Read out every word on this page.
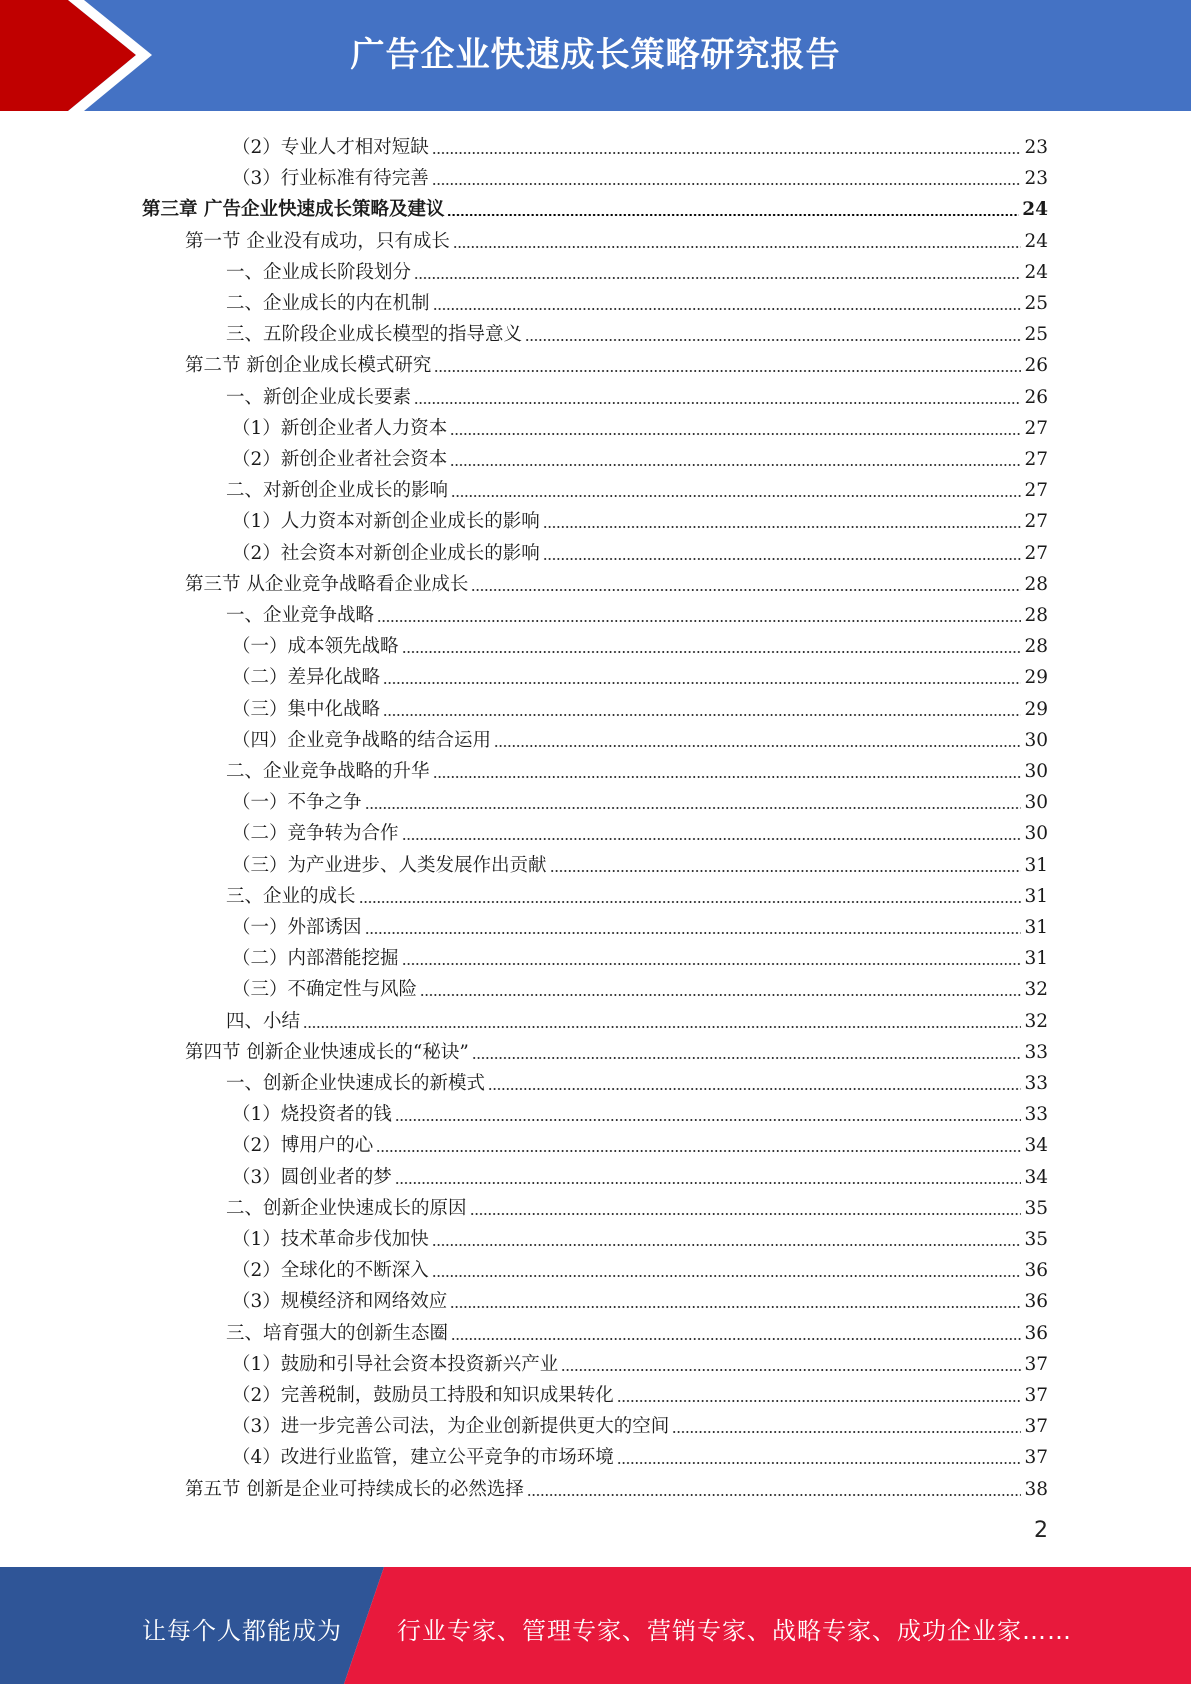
广告企业快速成长策略研究报告
（2）专业人才相对短缺	23
（3）行业标准有待完善	23
第三章 广告企业快速成长策略及建议	24
第一节 企业没有成功，只有成长	24
一、企业成长阶段划分	24
二、企业成长的内在机制	25
三、五阶段企业成长模型的指导意义	25
第二节 新创企业成长模式研究	26
一、新创企业成长要素	26
（1）新创企业者人力资本	27
（2）新创企业者社会资本	27
二、对新创企业成长的影响	27
（1）人力资本对新创企业成长的影响	27
（2）社会资本对新创企业成长的影响	27
第三节 从企业竞争战略看企业成长	28
一、企业竞争战略	28
（一）成本领先战略	28
（二）差异化战略	29
（三）集中化战略	29
（四）企业竞争战略的结合运用	30
二、企业竞争战略的升华	30
（一）不争之争	30
（二）竞争转为合作	30
（三）为产业进步、人类发展作出贡献	31
三、企业的成长	31
（一）外部诱因	31
（二）内部潜能挖掘	31
（三）不确定性与风险	32
四、小结	32
第四节 创新企业快速成长的“秘诀”	33
一、创新企业快速成长的新模式	33
（1）烧投资者的钱	33
（2）博用户的心	34
（3）圆创业者的梦	34
二、创新企业快速成长的原因	35
（1）技术革命步伐加快	35
（2）全球化的不断深入	36
（3）规模经济和网络效应	36
三、培育强大的创新生态圈	36
（1）鼓励和引导社会资本投资新兴产业	37
（2）完善税制，鼓励员工持股和知识成果转化	37
（3）进一步完善公司法，为企业创新提供更大的空间	37
（4）改进行业监管，建立公平竞争的市场环境	37
第五节 创新是企业可持续成长的必然选择	38
2
让每个人都能成为 行业专家、管理专家、营销专家、战略专家、成功企业家……
